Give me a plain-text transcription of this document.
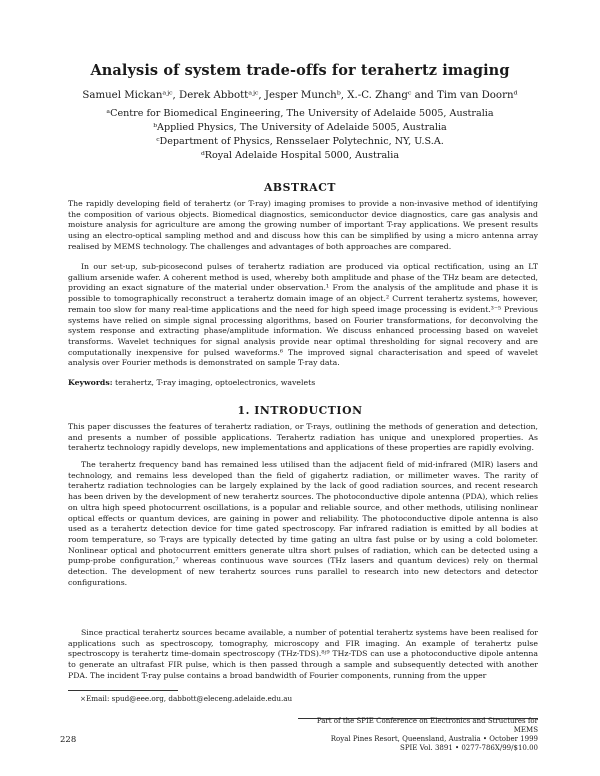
Analysis of system trade-offs for terahertz imaging
Samuel Mickanᵃʲᶜ, Derek Abbottᵃʲᶜ, Jesper Munchᵇ, X.-C. Zhangᶜ and Tim van Doornᵈ
ᵃCentre for Biomedical Engineering, The University of Adelaide 5005, Australia
ᵇApplied Physics, The University of Adelaide 5005, Australia
ᶜDepartment of Physics, Rensselaer Polytechnic, NY, U.S.A.
ᵈRoyal Adelaide Hospital 5000, Australia
ABSTRACT

The rapidly developing field of terahertz (or T-ray) imaging promises to provide a non-invasive method of identifying the composition of various objects. Biomedical diagnostics, semiconductor device diagnostics, care gas analysis and moisture analysis for agriculture are among the growing number of important T-ray applications. We present results using an electro-optical sampling method and and discuss how this can be simplified by using a micro antenna array realised by MEMS technology. The challenges and advantages of both approaches are compared.

In our set-up, sub-picosecond pulses of terahertz radiation are produced via optical rectification, using an LT gallium arsenide wafer. A coherent method is used, whereby both amplitude and phase of the THz beam are detected, providing an exact signature of the material under observation.¹ From the analysis of the amplitude and phase it is possible to tomographically reconstruct a terahertz domain image of an object.² Current terahertz systems, however, remain too slow for many real-time applications and the need for high speed image processing is evident.³⁻⁵ Previous systems have relied on simple signal processing algorithms, based on Fourier transformations, for deconvolving the system response and extracting phase/amplitude information. We discuss enhanced processing based on wavelet transforms. Wavelet techniques for signal analysis provide near optimal thresholding for signal recovery and are computationally inexpensive for pulsed waveforms.⁶ The improved signal characterisation and speed of wavelet analysis over Fourier methods is demonstrated on sample T-ray data.

Keywords: terahertz, T-ray imaging, optoelectronics, wavelets
1. INTRODUCTION

This paper discusses the features of terahertz radiation, or T-rays, outlining the methods of generation and detection, and presents a number of possible applications. Terahertz radiation has unique and unexplored properties. As terahertz technology rapidly develops, new implementations and applications of these properties are rapidly evolving.

The terahertz frequency band has remained less utilised than the adjacent field of mid-infrared (MIR) lasers and technology, and remains less developed than the field of gigahertz radiation, or millimeter waves. The rarity of terahertz radiation technologies can be largely explained by the lack of good radiation sources, and recent research has been driven by the development of new terahertz sources. The photoconductive dipole antenna (PDA), which relies on ultra high speed photocurrent oscillations, is a popular and reliable source, and other methods, utilising nonlinear optical effects or quantum devices, are gaining in power and reliability. The photoconductive dipole antenna is also used as a terahertz detection device for time gated spectroscopy. Far infrared radiation is emitted by all bodies at room temperature, so T-rays are typically detected by time gating an ultra fast pulse or by using a cold bolometer. Nonlinear optical and photocurrent emitters generate ultra short pulses of radiation, which can be detected using a pump-probe configuration,⁷ whereas continuous wave sources (THz lasers and quantum devices) rely on thermal detection. The development of new terahertz sources runs parallel to research into new detectors and detector configurations.

Since practical terahertz sources became available, a number of potential terahertz systems have been realised for applications such as spectroscopy, tomography, microscopy and FIR imaging. An example of terahertz pulse spectroscopy is terahertz time-domain spectroscopy (THz-TDS).⁸ʲ⁹ THz-TDS can use a photoconductive dipole antenna to generate an ultrafast FIR pulse, which is then passed through a sample and subsequently detected with another PDA. The incident T-ray pulse contains a broad bandwidth of Fourier components, running from the upper

⨯Email: spud@eee.org, dabbott@eleceng.adelaide.edu.au
Part of the SPIE Conference on Electronics and Structures for MEMS
Royal Pines Resort, Queensland, Australia • October 1999
SPIE Vol. 3891 • 0277-786X/99/$10.00
228
